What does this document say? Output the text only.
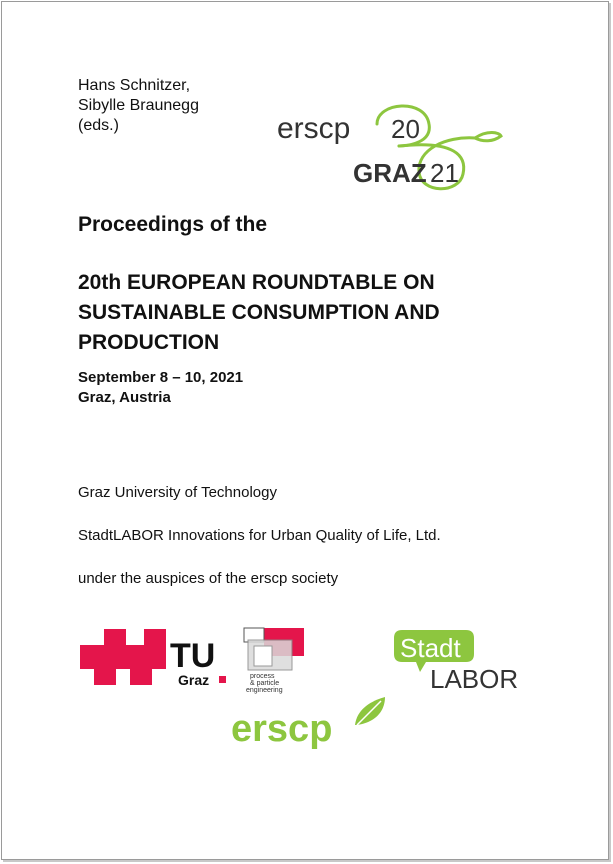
Hans Schnitzer,
Sibylle Braunegg
(eds.)	erscp 20
GRAZ 21
Proceedings of the
20th EUROPEAN ROUNDTABLE ON
SUSTAINABLE CONSUMPTION AND
PRODUCTION
September 8 – 10, 2021
Graz, Austria
Graz University of Technology
StadtLABOR Innovations for Urban Quality of Life, Ltd.
under the auspices of the erscp society
TU
Graz	process
& particle
engineering
Stadt
LABOR
erscp
